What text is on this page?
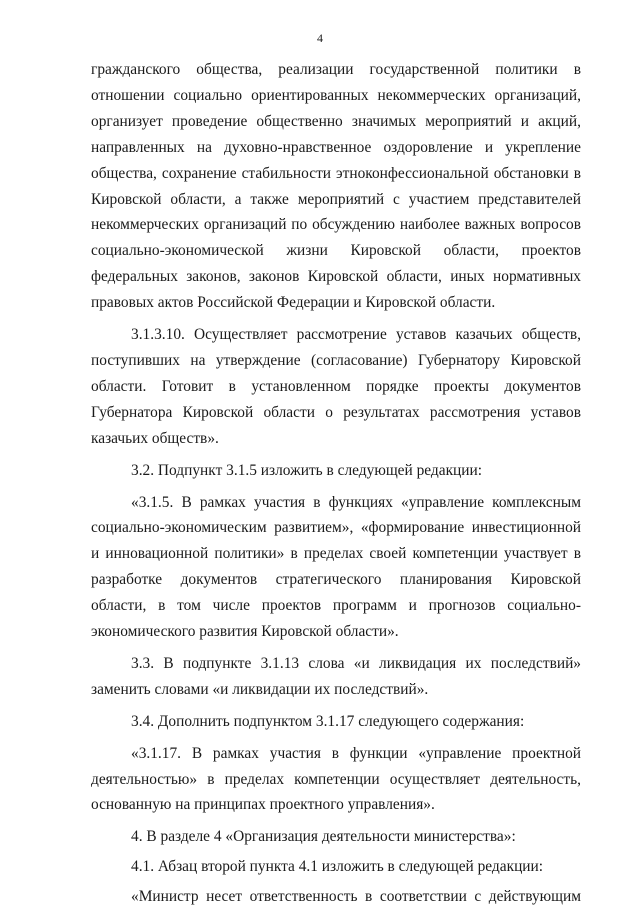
4

гражданского общества, реализации государственной политики в отношении социально ориентированных некоммерческих организаций, организует проведение общественно значимых мероприятий и акций, направленных на духовно-нравственное оздоровление и укрепление общества, сохранение стабильности этноконфессиональной обстановки в Кировской области, а также мероприятий с участием представителей некоммерческих организаций по обсуждению наиболее важных вопросов социально-экономической жизни Кировской области, проектов федеральных законов, законов Кировской области, иных нормативных правовых актов Российской Федерации и Кировской области.

3.1.3.10. Осуществляет рассмотрение уставов казачьих обществ, поступивших на утверждение (согласование) Губернатору Кировской области. Готовит в установленном порядке проекты документов Губернатора Кировской области о результатах рассмотрения уставов казачьих обществ».

3.2. Подпункт 3.1.5 изложить в следующей редакции:

«3.1.5. В рамках участия в функциях «управление комплексным социально-экономическим развитием», «формирование инвестиционной и инновационной политики» в пределах своей компетенции участвует в разработке документов стратегического планирования Кировской области, в том числе проектов программ и прогнозов социально-экономического развития Кировской области».

3.3. В подпункте 3.1.13 слова «и ликвидация их последствий» заменить словами «и ликвидации их последствий».

3.4. Дополнить подпунктом 3.1.17 следующего содержания:

«3.1.17. В рамках участия в функции «управление проектной деятельностью» в пределах компетенции осуществляет деятельность, основанную на принципах проектного управления».

4. В разделе 4 «Организация деятельности министерства»:

4.1. Абзац второй пункта 4.1 изложить в следующей редакции:

«Министр несет ответственность в соответствии с действующим
